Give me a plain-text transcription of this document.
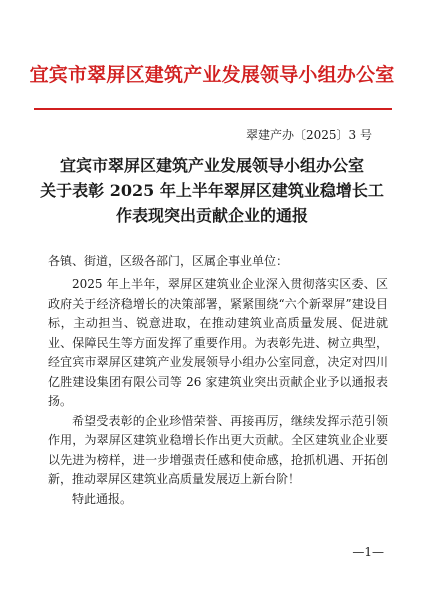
宜宾市翠屏区建筑产业发展领导小组办公室
翠建产办〔2025〕3 号
宜宾市翠屏区建筑产业发展领导小组办公室
关于表彰 2025 年上半年翠屏区建筑业稳增长工
作表现突出贡献企业的通报
各镇、街道，区级各部门，区属企事业单位：

2025 年上半年，翠屏区建筑业企业深入贯彻落实区委、区政府关于经济稳增长的决策部署，紧紧围绕“六个新翠屏”建设目标，主动担当、锐意进取，在推动建筑业高质量发展、促进就业、保障民生等方面发挥了重要作用。为表彰先进、树立典型，经宜宾市翠屏区建筑产业发展领导小组办公室同意，决定对四川亿胜建设集团有限公司等 26 家建筑业突出贡献企业予以通报表扬。

希望受表彰的企业珍惜荣誉、再接再厉，继续发挥示范引领作用，为翠屏区建筑业稳增长作出更大贡献。全区建筑业企业要以先进为榜样，进一步增强责任感和使命感，抢抓机遇、开拓创新，推动翠屏区建筑业高质量发展迈上新台阶！

特此通报。

—1—
